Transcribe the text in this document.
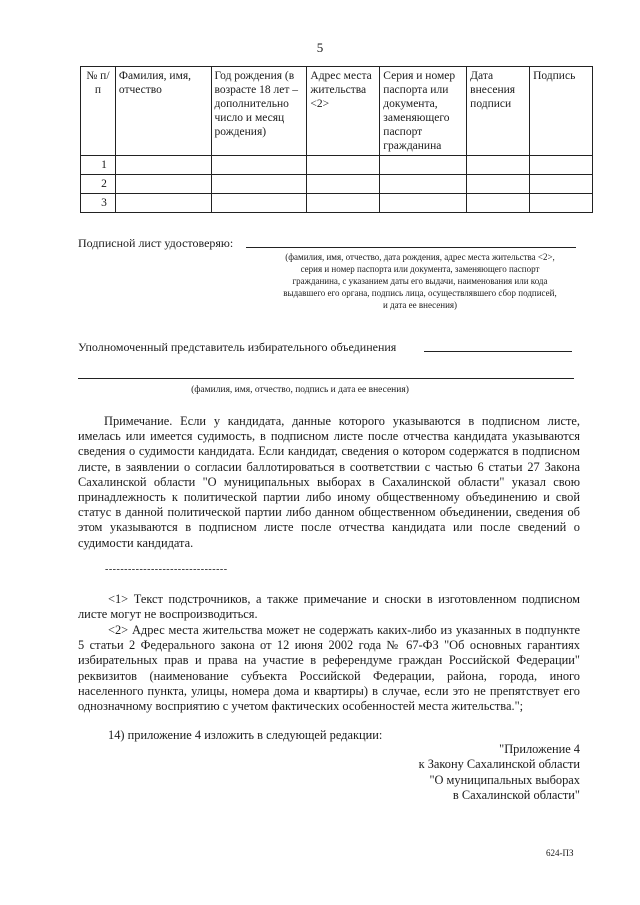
5
№ п/п	Фамилия, имя, отчество	Год рождения (в возрасте 18 лет – дополнительно число и месяц рождения)	Адрес места жительства <2>	Серия и номер паспорта или документа, заменяющего паспорт гражданина	Дата внесения подписи	Подпись
1						
2						
3						
Подписной лист удостоверяю:
(фамилия, имя, отчество, дата рождения, адрес места жительства <2>, серия и номер паспорта или документа, заменяющего паспорт гражданина, с указанием даты его выдачи, наименования или кода выдавшего его органа, подпись лица, осуществлявшего сбор подписей, и дата ее внесения)
Уполномоченный представитель избирательного объединения
(фамилия, имя, отчество, подпись и дата ее внесения)
Примечание. Если у кандидата, данные которого указываются в подписном листе, имелась или имеется судимость, в подписном листе после отчества кандидата указываются сведения о судимости кандидата. Если кандидат, сведения о котором содержатся в подписном листе, в заявлении о согласии баллотироваться в соответствии с частью 6 статьи 27 Закона Сахалинской области "О муниципальных выборах в Сахалинской области" указал свою принадлежность к политической партии либо иному общественному объединению и свой статус в данной политической партии либо данном общественном объединении, сведения об этом указываются в подписном листе после отчества кандидата или после сведений о судимости кандидата.
--------------------------------
<1> Текст подстрочников, а также примечание и сноски в изготовленном подписном листе могут не воспроизводиться.
<2> Адрес места жительства может не содержать каких-либо из указанных в подпункте 5 статьи 2 Федерального закона от 12 июня 2002 года № 67-ФЗ "Об основных гарантиях избирательных прав и права на участие в референдуме граждан Российской Федерации" реквизитов (наименование субъекта Российской Федерации, района, города, иного населенного пункта, улицы, номера дома и квартиры) в случае, если это не препятствует его однозначному восприятию с учетом фактических особенностей места жительства.";
14) приложение 4 изложить в следующей редакции:
"Приложение 4
к Закону Сахалинской области
"О муниципальных выборах
в Сахалинской области"
624-ПЗ
